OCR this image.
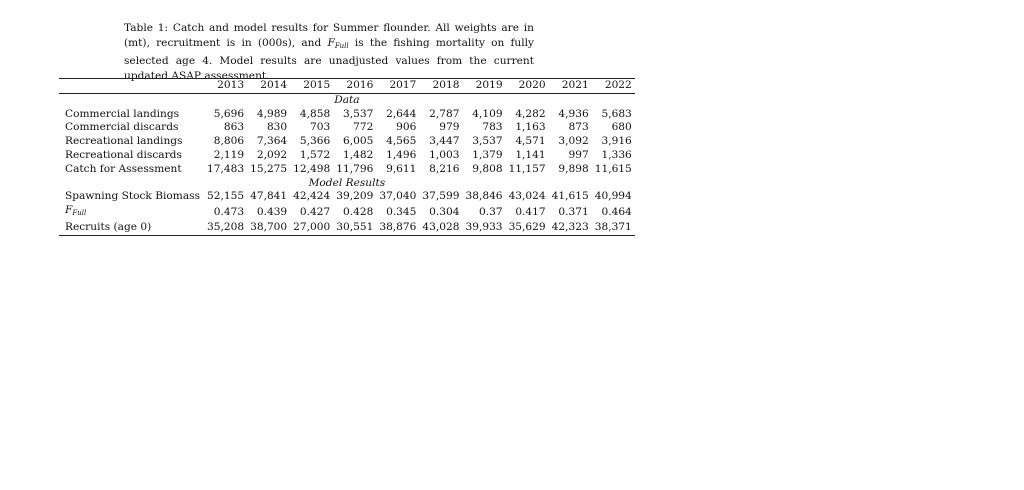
Table 1: Catch and model results for Summer flounder. All weights are in (mt), recruitment is in (000s), and $F_{Full}$ is the fishing mortality on fully selected age 4. Model results are unadjusted values from the current updated ASAP assessment.

	2013	2014	2015	2016	2017	2018	2019	2020	2021	2022
Data										
Commercial landings	5,696	4,989	4,858	3,537	2,644	2,787	4,109	4,282	4,936	5,683
Commercial discards	863	830	703	772	906	979	783	1,163	873	680
Recreational landings	8,806	7,364	5,366	6,005	4,565	3,447	3,537	4,571	3,092	3,916
Recreational discards	2,119	2,092	1,572	1,482	1,496	1,003	1,379	1,141	997	1,336
Catch for Assessment	17,483	15,275	12,498	11,796	9,611	8,216	9,808	11,157	9,898	11,615
Model Results										
Spawning Stock Biomass	52,155	47,841	42,424	39,209	37,040	37,599	38,846	43,024	41,615	40,994
$F_{Full}$	0.473	0.439	0.427	0.428	0.345	0.304	0.37	0.417	0.371	0.464
Recruits (age 0)	35,208	38,700	27,000	30,551	38,876	43,028	39,933	35,629	42,323	38,371
